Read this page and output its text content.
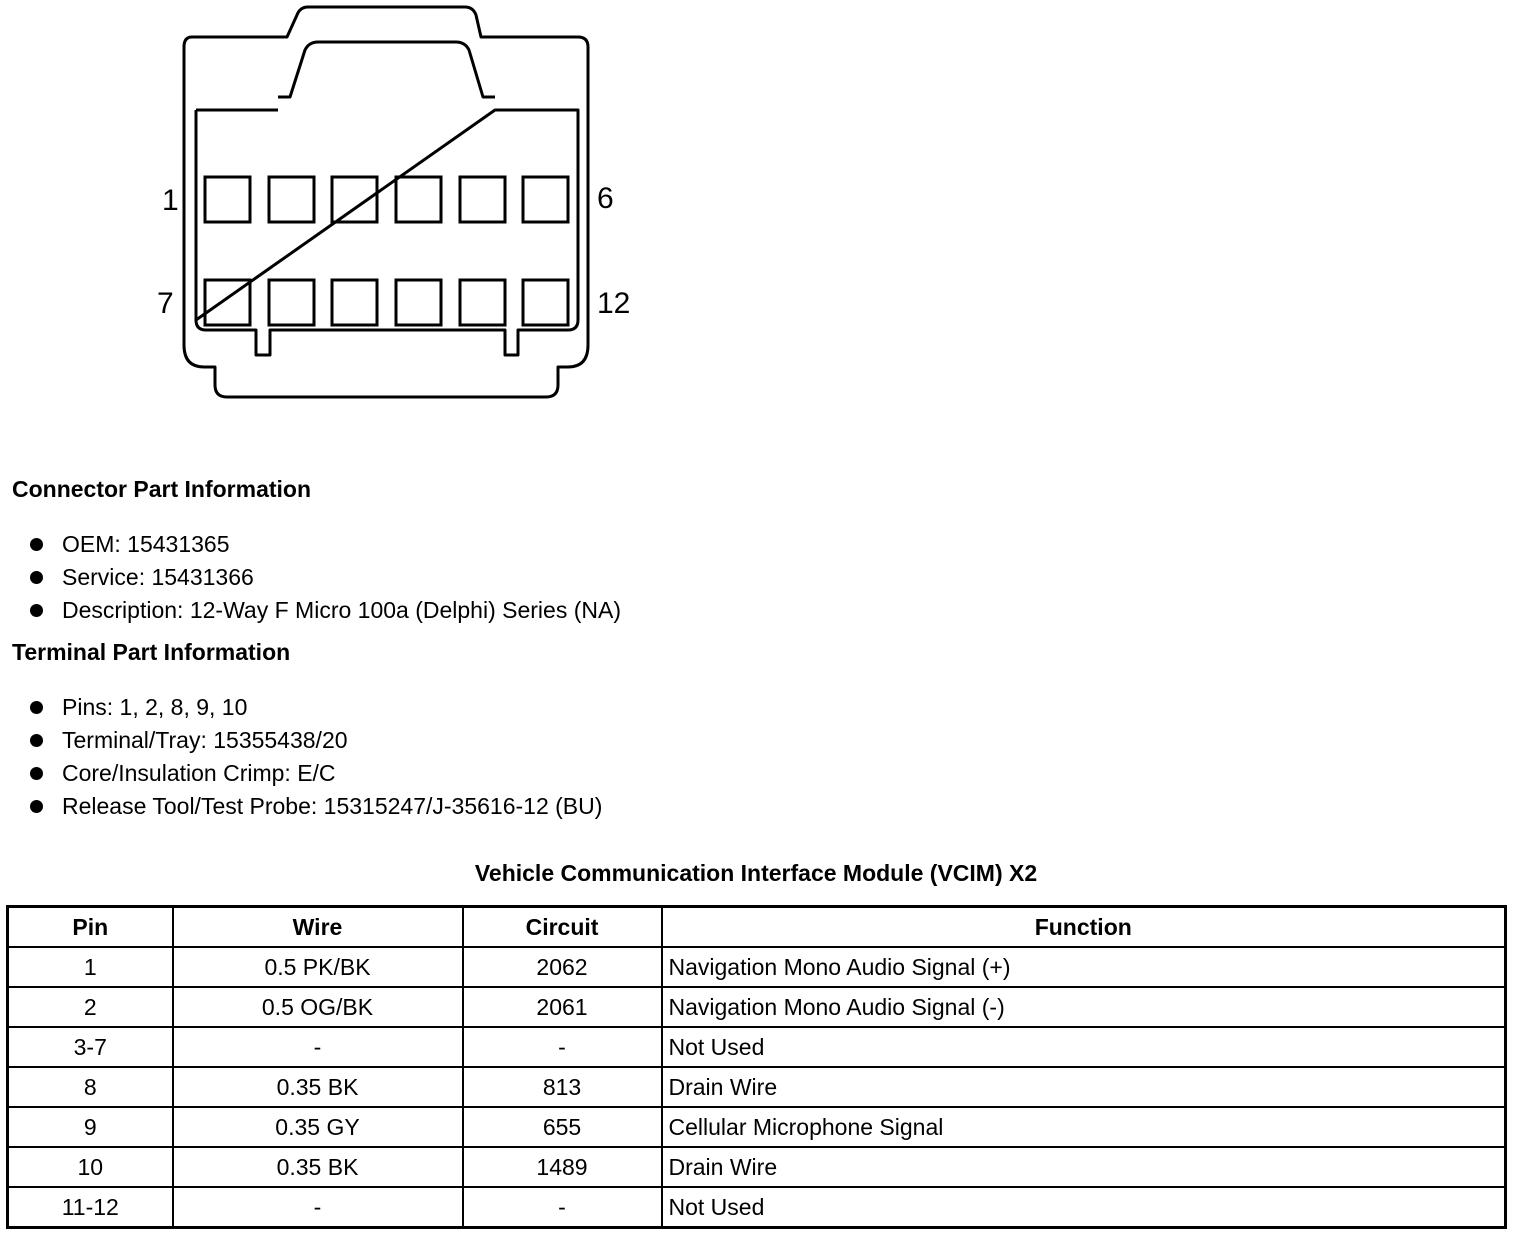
1	6
7	12
Connector Part Information
OEM: 15431365
Service: 15431366
Description: 12-Way F Micro 100a (Delphi) Series (NA)
Terminal Part Information
Pins: 1, 2, 8, 9, 10
Terminal/Tray: 15355438/20
Core/Insulation Crimp: E/C
Release Tool/Test Probe: 15315247/J-35616-12 (BU)
Vehicle Communication Interface Module (VCIM) X2
Pin	Wire	Circuit	Function
1	0.5 PK/BK	2062	Navigation Mono Audio Signal (+)
2	0.5 OG/BK	2061	Navigation Mono Audio Signal (-)
3-7	-	-	Not Used
8	0.35 BK	813	Drain Wire
9	0.35 GY	655	Cellular Microphone Signal
10	0.35 BK	1489	Drain Wire
11-12	-	-	Not Used
